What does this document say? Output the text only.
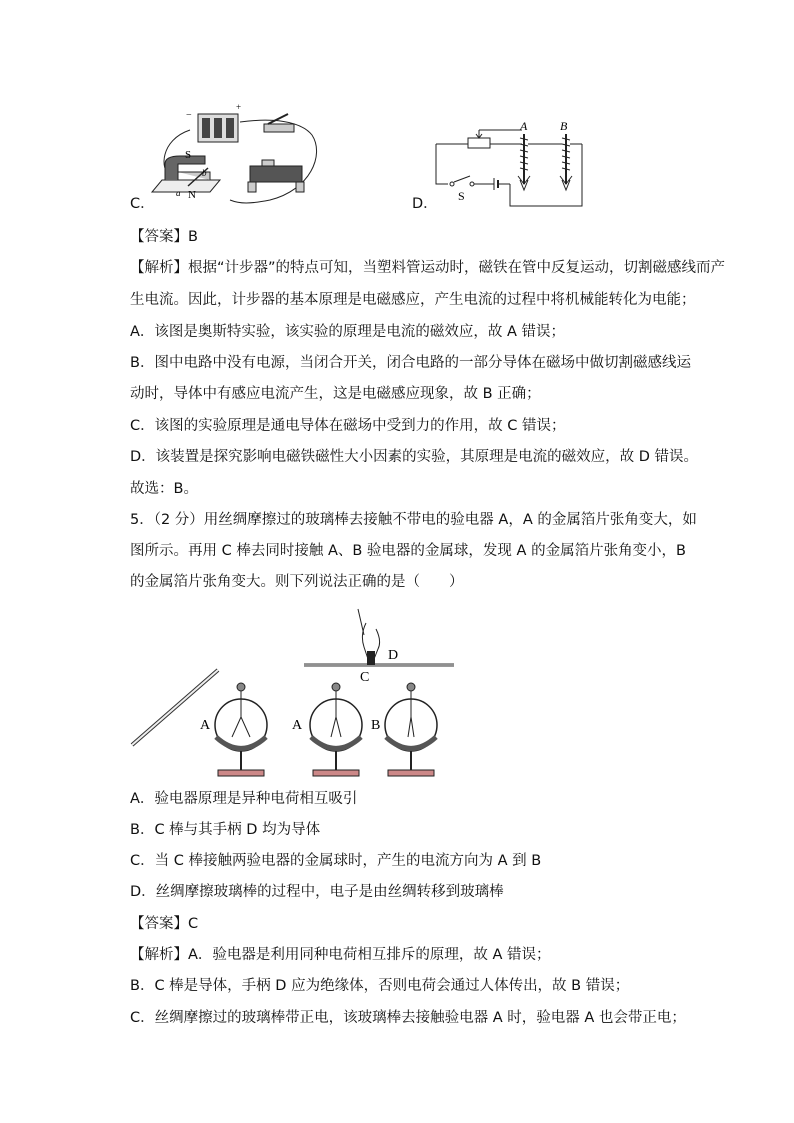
C．
+
−
S
N
a
b
D．
A	B
S
【答案】B
【解析】根据“计步器”的特点可知，当塑料管运动时，磁铁在管中反复运动，切割磁感线而产
生电流。因此，计步器的基本原理是电磁感应，产生电流的过程中将机械能转化为电能；
A．该图是奥斯特实验，该实验的原理是电流的磁效应，故 A 错误；
B．图中电路中没有电源，当闭合开关，闭合电路的一部分导体在磁场中做切割磁感线运
动时，导体中有感应电流产生，这是电磁感应现象，故 B 正确；
C．该图的实验原理是通电导体在磁场中受到力的作用，故 C 错误；
D．该装置是探究影响电磁铁磁性大小因素的实验，其原理是电流的磁效应，故 D 错误。
故选：B。
5．（2 分）用丝绸摩擦过的玻璃棒去接触不带电的验电器 A，A 的金属箔片张角变大，如
图所示。再用 C 棒去同时接触 A、B 验电器的金属球，发现 A 的金属箔片张角变小，B
的金属箔片张角变大。则下列说法正确的是（　　）
A
D
C
A	B
A．验电器原理是异种电荷相互吸引
B．C 棒与其手柄 D 均为导体
C．当 C 棒接触两验电器的金属球时，产生的电流方向为 A 到 B
D．丝绸摩擦玻璃棒的过程中，电子是由丝绸转移到玻璃棒
【答案】C
【解析】A．验电器是利用同种电荷相互排斥的原理，故 A 错误；
B．C 棒是导体，手柄 D 应为绝缘体，否则电荷会通过人体传出，故 B 错误；
C．丝绸摩擦过的玻璃棒带正电，该玻璃棒去接触验电器 A 时，验电器 A 也会带正电；
